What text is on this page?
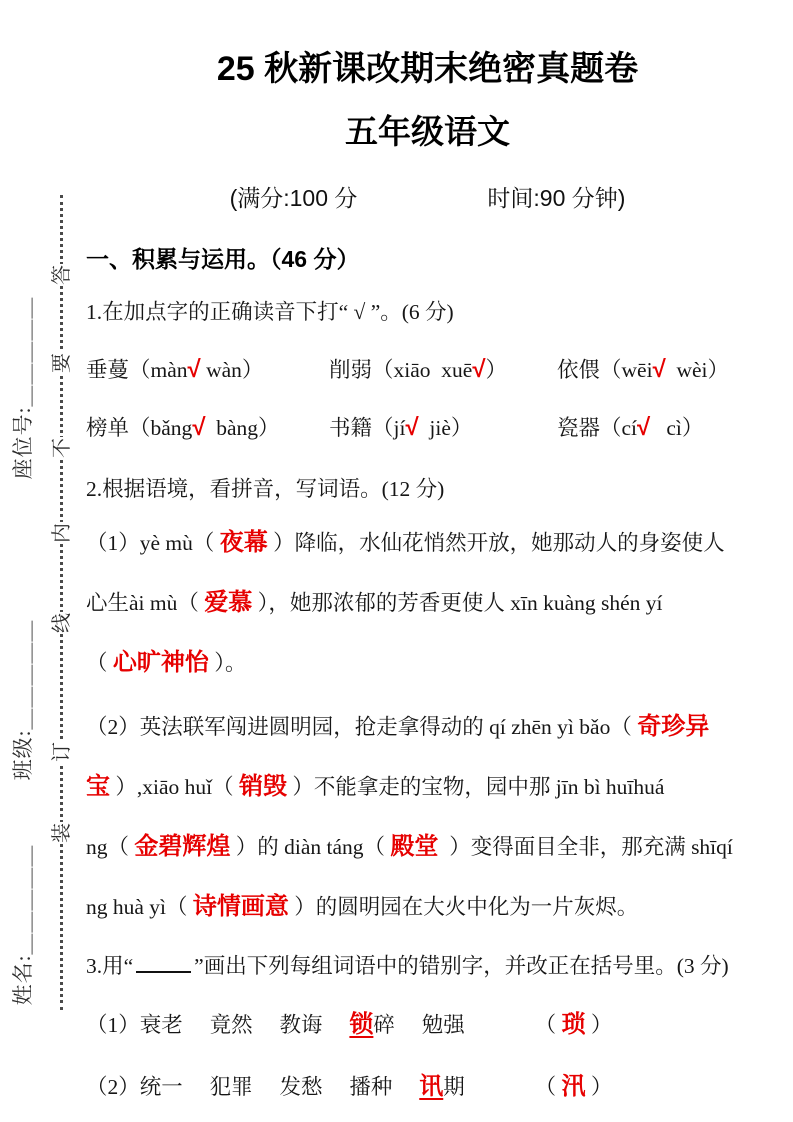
座位号:＿＿＿＿＿
班级:＿＿＿＿＿
姓名:＿＿＿＿＿
答
要
不
内
线
订
装
25 秋新课改期末绝密真题卷
五年级语文
(满分:100 分	时间:90 分钟)
一、积累与运用。（46 分）
1.在加点字的正确读音下打“ √ ”。(6 分)
垂蔓（màn√ wàn）	削弱（xiāo  xuē√）	依偎（wēi√  wèi）
榜单（bǎng√  bàng）	书籍（jí√  jiè）	瓷器（cí√   cì）
2.根据语境，看拼音，写词语。(12 分)
（1）yè mù（ 夜幕 ）降临，水仙花悄然开放，她那动人的身姿使人
心生ài mù（ 爱慕 ），她那浓郁的芳香更使人 xīn kuàng shén yí
（ 心旷神怡 ）。
（2）英法联军闯进圆明园，抢走拿得动的 qí zhēn yì bǎo（ 奇珍异
宝 ）,xiāo huǐ（ 销毁 ）不能拿走的宝物，园中那 jīn bì huīhuá
ng（ 金碧辉煌 ）的 diàn táng（ 殿堂  ）变得面目全非，那充满 shīqí
ng huà yì（ 诗情画意 ）的圆明园在大火中化为一片灰烬。
3.用“	”画出下列每组词语中的错别字，并改正在括号里。(3 分)
（1）衰老　 竟然　 教诲　 锁碎　 勉强　　　 （ 琐 ）
（2）统一　 犯罪　 发愁　 播种　 讯期　　　 （ 汛 ）
